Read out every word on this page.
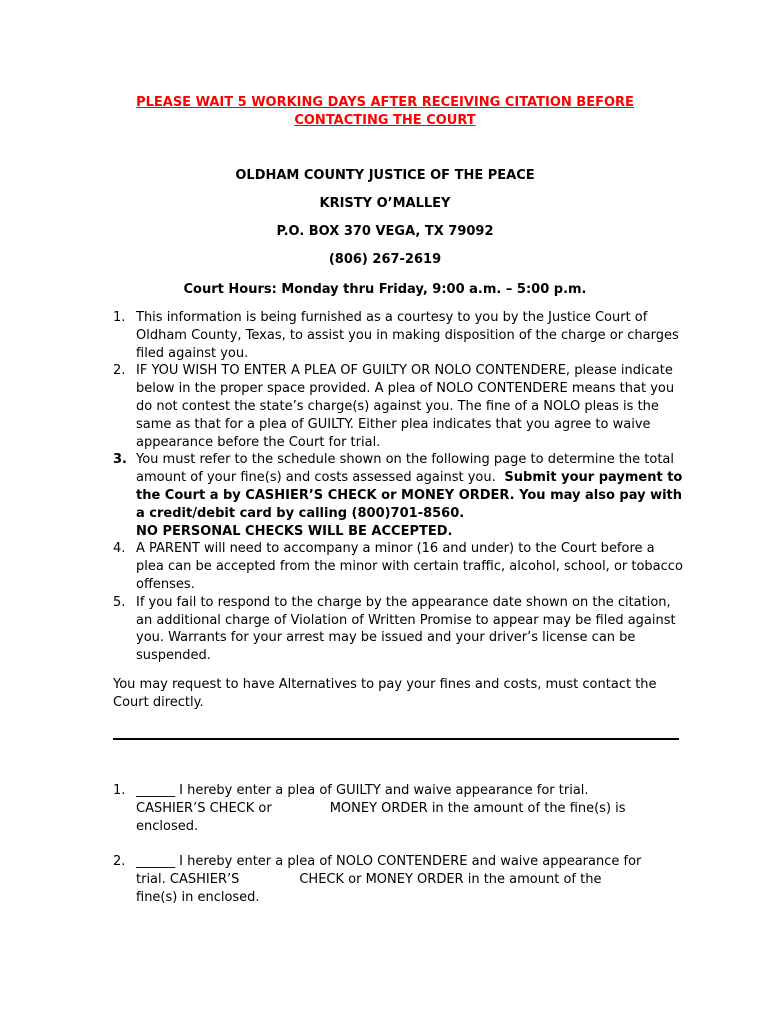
PLEASE WAIT 5 WORKING DAYS AFTER RECEIVING CITATION BEFORE
CONTACTING THE COURT
OLDHAM COUNTY JUSTICE OF THE PEACE
KRISTY O’MALLEY
P.O. BOX 370 VEGA, TX 79092
(806) 267-2619
Court Hours: Monday thru Friday, 9:00 a.m. – 5:00 p.m.
1. This information is being furnished as a courtesy to you by the Justice Court of Oldham County, Texas, to assist you in making disposition of the charge or charges filed against you.
2. IF YOU WISH TO ENTER A PLEA OF GUILTY OR NOLO CONTENDERE, please indicate below in the proper space provided. A plea of NOLO CONTENDERE means that you do not contest the state’s charge(s) against you. The fine of a NOLO pleas is the same as that for a plea of GUILTY. Either plea indicates that you agree to waive appearance before the Court for trial.
3. You must refer to the schedule shown on the following page to determine the total amount of your fine(s) and costs assessed against you.  Submit your payment to the Court a by CASHIER’S CHECK or MONEY ORDER. You may also pay with a credit/debit card by calling (800)701-8560.
NO PERSONAL CHECKS WILL BE ACCEPTED.
4. A PARENT will need to accompany a minor (16 and under) to the Court before a plea can be accepted from the minor with certain traffic, alcohol, school, or tobacco offenses.
5. If you fail to respond to the charge by the appearance date shown on the citation, an additional charge of Violation of Written Promise to appear may be filed against you. Warrants for your arrest may be issued and your driver’s license can be suspended.
You may request to have Alternatives to pay your fines and costs, must contact the Court directly.
1. ______ I hereby enter a plea of GUILTY and waive appearance for trial.
CASHIER’S CHECK or	MONEY ORDER in the amount of the fine(s) is
enclosed.
2. ______ I hereby enter a plea of NOLO CONTENDERE and waive appearance for
trial. CASHIER’S	CHECK or MONEY ORDER in the amount of the
fine(s) in enclosed.
